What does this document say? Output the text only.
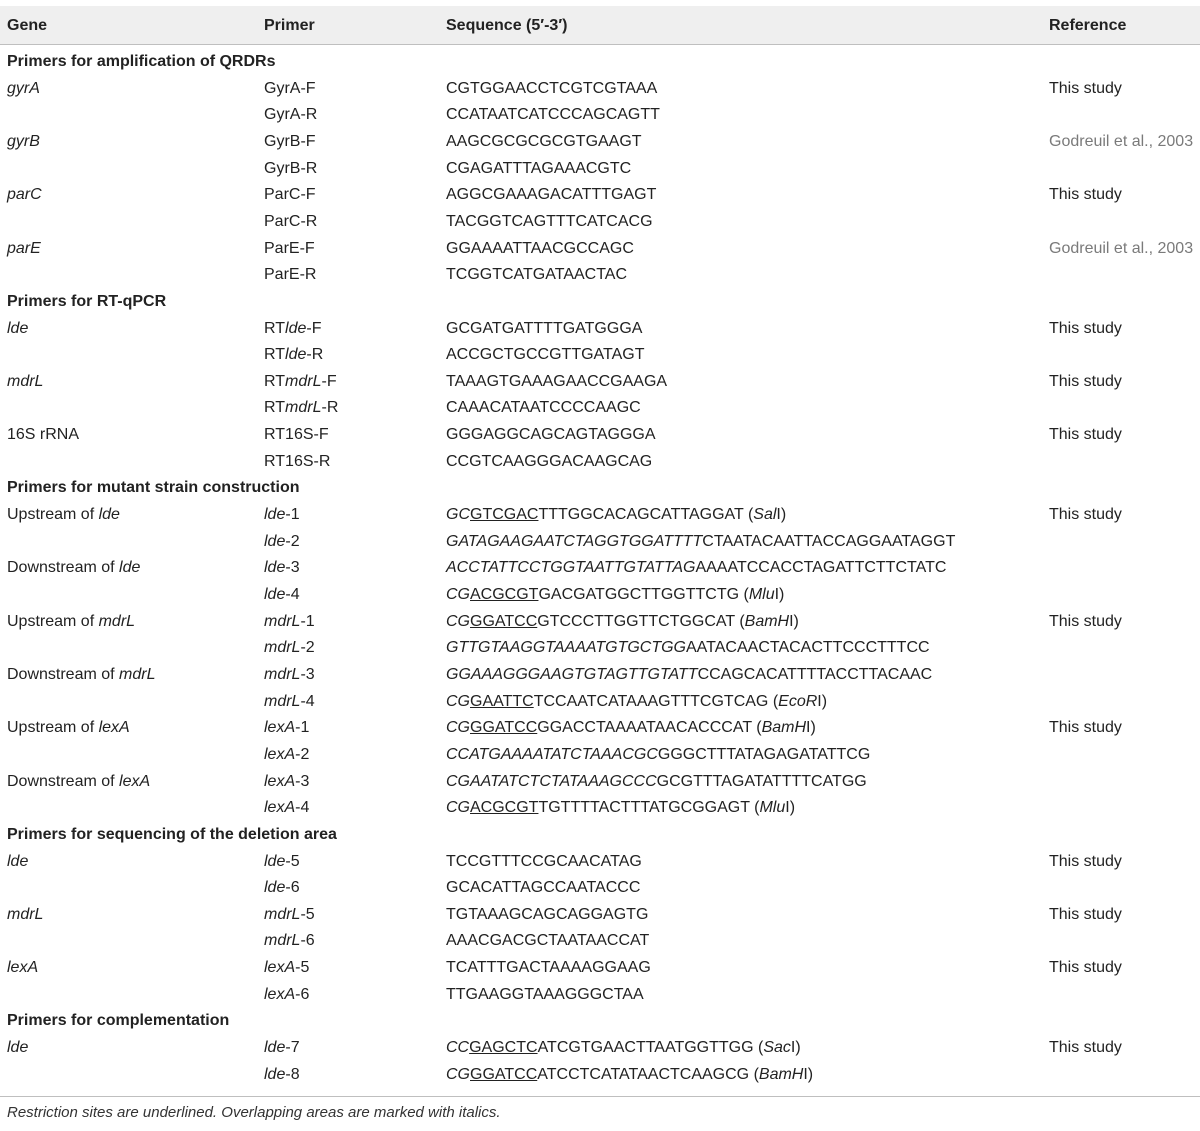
Gene	Primer	Sequence (5′-3′)	Reference
Primers for amplification of QRDRs
gyrA	GyrA-F	CGTGGAACCTCGTCGTAAA	This study
GyrA-R	CCATAATCATCCCAGCAGTT
gyrB	GyrB-F	AAGCGCGCGCGTGAAGT	Godreuil et al., 2003
GyrB-R	CGAGATTTAGAAACGTC
parC	ParC-F	AGGCGAAAGACATTTGAGT	This study
ParC-R	TACGGTCAGTTTCATCACG
parE	ParE-F	GGAAAATTAACGCCAGC	Godreuil et al., 2003
ParE-R	TCGGTCATGATAACTAC
Primers for RT-qPCR
lde	RTlde-F	GCGATGATTTTGATGGGA	This study
RTlde-R	ACCGCTGCCGTTGATAGT
mdrL	RTmdrL-F	TAAAGTGAAAGAACCGAAGA	This study
RTmdrL-R	CAAACATAATCCCCAAGC
16S rRNA	RT16S-F	GGGAGGCAGCAGTAGGGA	This study
RT16S-R	CCGTCAAGGGACAAGCAG
Primers for mutant strain construction
Upstream of lde	lde-1	GCGTCGACTTTGGCACAGCATTAGGAT (SalI)	This study
lde-2	GATAGAAGAATCTAGGTGGATTTTCTAATACAATTACCAGGAATAGGT
Downstream of lde	lde-3	ACCTATTCCTGGTAATTGTATTAGAAAATCCACCTAGATTCTTCTATC
lde-4	CGACGCGTGACGATGGCTTGGTTCTG (MluI)
Upstream of mdrL	mdrL-1	CGGGATCCGTCCCTTGGTTCTGGCAT (BamHI)	This study
mdrL-2	GTTGTAAGGTAAAATGTGCTGGAATACAACTACACTTCCCTTTCC
Downstream of mdrL	mdrL-3	GGAAAGGGAAGTGTAGTTGTATTCCAGCACATTTTACCTTACAAC
mdrL-4	CGGAATTCTCCAATCATAAAGTTTCGTCAG (EcoRI)
Upstream of lexA	lexA-1	CGGGATCCGGACCTAAAATAACACCCAT (BamHI)	This study
lexA-2	CCATGAAAATATCTAAACGCGGGCTTTATAGAGATATTCG
Downstream of lexA	lexA-3	CGAATATCTCTATAAAGCCCGCGTTTAGATATTTTCATGG
lexA-4	CGACGCGTTGTTTTACTTTATGCGGAGT (MluI)
Primers for sequencing of the deletion area
lde	lde-5	TCCGTTTCCGCAACATAG	This study
lde-6	GCACATTAGCCAATACCC
mdrL	mdrL-5	TGTAAAGCAGCAGGAGTG	This study
mdrL-6	AAACGACGCTAATAACCAT
lexA	lexA-5	TCATTTGACTAAAAGGAAG	This study
lexA-6	TTGAAGGTAAAGGGCTAA
Primers for complementation
lde	lde-7	CCGAGCTCATCGTGAACTTAATGGTTGG (SacI)	This study
lde-8	CGGGATCCATCCTCATATAACTCAAGCG (BamHI)
Restriction sites are underlined. Overlapping areas are marked with italics.
